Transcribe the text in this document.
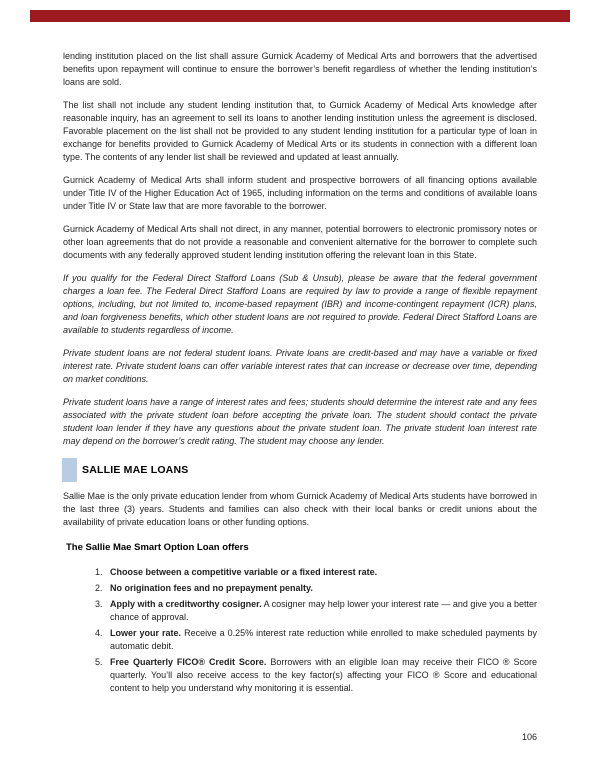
lending institution placed on the list shall assure Gurnick Academy of Medical Arts and borrowers that the advertised benefits upon repayment will continue to ensure the borrower’s benefit regardless of whether the lending institution’s loans are sold.

The list shall not include any student lending institution that, to Gurnick Academy of Medical Arts knowledge after reasonable inquiry, has an agreement to sell its loans to another lending institution unless the agreement is disclosed. Favorable placement on the list shall not be provided to any student lending institution for a particular type of loan in exchange for benefits provided to Gurnick Academy of Medical Arts or its students in connection with a different loan type. The contents of any lender list shall be reviewed and updated at least annually.

Gurnick Academy of Medical Arts shall inform student and prospective borrowers of all financing options available under Title IV of the Higher Education Act of 1965, including information on the terms and conditions of available loans under Title IV or State law that are more favorable to the borrower.

Gurnick Academy of Medical Arts shall not direct, in any manner, potential borrowers to electronic promissory notes or other loan agreements that do not provide a reasonable and convenient alternative for the borrower to complete such documents with any federally approved student lending institution offering the relevant loan in this State.

If you qualify for the Federal Direct Stafford Loans (Sub & Unsub), please be aware that the federal government charges a loan fee. The Federal Direct Stafford Loans are required by law to provide a range of flexible repayment options, including, but not limited to, income-based repayment (IBR) and income-contingent repayment (ICR) plans, and loan forgiveness benefits, which other student loans are not required to provide. Federal Direct Stafford Loans are available to students regardless of income.

Private student loans are not federal student loans. Private loans are credit-based and may have a variable or fixed interest rate. Private student loans can offer variable interest rates that can increase or decrease over time, depending on market conditions.

Private student loans have a range of interest rates and fees; students should determine the interest rate and any fees associated with the private student loan before accepting the private loan. The student should contact the private student loan lender if they have any questions about the private student loan. The private student loan interest rate may depend on the borrower’s credit rating. The student may choose any lender.

SALLIE MAE LOANS

Sallie Mae is the only private education lender from whom Gurnick Academy of Medical Arts students have borrowed in the last three (3) years. Students and families can also check with their local banks or credit unions about the availability of private education loans or other funding options.

The Sallie Mae Smart Option Loan offers
1. Choose between a competitive variable or a fixed interest rate.
2. No origination fees and no prepayment penalty.
3. Apply with a creditworthy cosigner. A cosigner may help lower your interest rate — and give you a better chance of approval.
4. Lower your rate. Receive a 0.25% interest rate reduction while enrolled to make scheduled payments by automatic debit.
5. Free Quarterly FICO® Credit Score. Borrowers with an eligible loan may receive their FICO ® Score quarterly. You’ll also receive access to the key factor(s) affecting your FICO ® Score and educational content to help you understand why monitoring it is essential.
106
